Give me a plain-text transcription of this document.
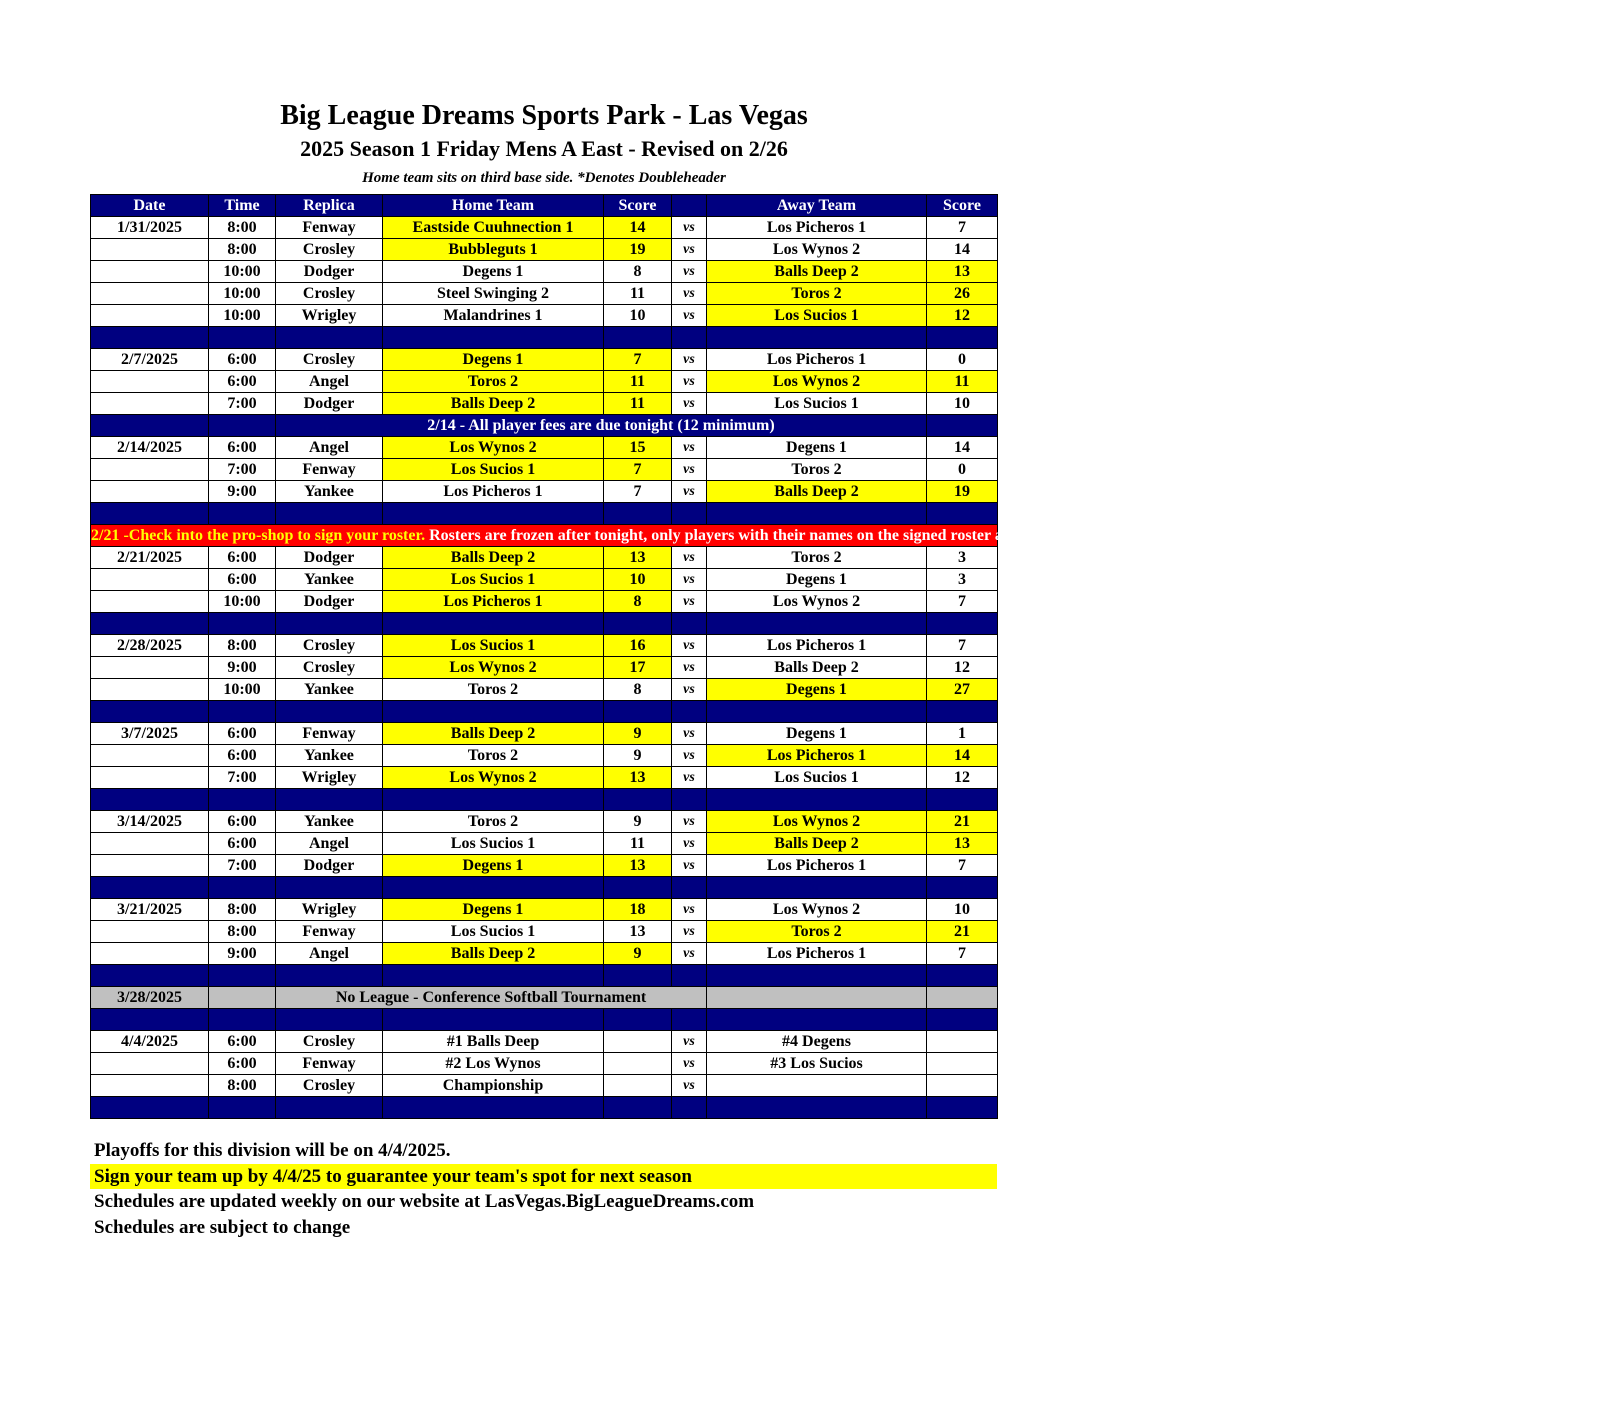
Big League Dreams Sports Park - Las Vegas
2025 Season 1 Friday Mens A East - Revised on 2/26
Home team sits on third base side. *Denotes Doubleheader
Date	Time	Replica	Home Team	Score		Away Team	Score
1/31/2025	8:00	Fenway	Eastside Cuuhnection 1	14	vs	Los Picheros 1	7
	8:00	Crosley	Bubbleguts 1	19	vs	Los Wynos 2	14
	10:00	Dodger	Degens 1	8	vs	Balls Deep 2	13
	10:00	Crosley	Steel Swinging 2	11	vs	Toros 2	26
	10:00	Wrigley	Malandrines 1	10	vs	Los Sucios 1	12

2/7/2025	6:00	Crosley	Degens 1	7	vs	Los Picheros 1	0
	6:00	Angel	Toros 2	11	vs	Los Wynos 2	11
	7:00	Dodger	Balls Deep 2	11	vs	Los Sucios 1	10
		2/14 - All player fees are due tonight (12 minimum)					
2/14/2025	6:00	Angel	Los Wynos 2	15	vs	Degens 1	14
	7:00	Fenway	Los Sucios 1	7	vs	Toros 2	0
	9:00	Yankee	Los Picheros 1	7	vs	Balls Deep 2	19

2/21 -Check into the pro-shop to sign your roster. Rosters are frozen after tonight, only players with their names on the signed roster are eligible for playoffs. Please check carefully as changes will not be made for omissions.							
2/21/2025	6:00	Dodger	Balls Deep 2	13	vs	Toros 2	3
	6:00	Yankee	Los Sucios 1	10	vs	Degens 1	3
	10:00	Dodger	Los Picheros 1	8	vs	Los Wynos 2	7

2/28/2025	8:00	Crosley	Los Sucios 1	16	vs	Los Picheros 1	7
	9:00	Crosley	Los Wynos 2	17	vs	Balls Deep 2	12
	10:00	Yankee	Toros 2	8	vs	Degens 1	27

3/7/2025	6:00	Fenway	Balls Deep 2	9	vs	Degens 1	1
	6:00	Yankee	Toros 2	9	vs	Los Picheros 1	14
	7:00	Wrigley	Los Wynos 2	13	vs	Los Sucios 1	12

3/14/2025	6:00	Yankee	Toros 2	9	vs	Los Wynos 2	21
	6:00	Angel	Los Sucios 1	11	vs	Balls Deep 2	13
	7:00	Dodger	Degens 1	13	vs	Los Picheros 1	7

3/21/2025	8:00	Wrigley	Degens 1	18	vs	Los Wynos 2	10
	8:00	Fenway	Los Sucios 1	13	vs	Toros 2	21
	9:00	Angel	Balls Deep 2	9	vs	Los Picheros 1	7

3/28/2025		No League - Conference Softball Tournament					

4/4/2025	6:00	Crosley	#1 Balls Deep		vs	#4 Degens	
	6:00	Fenway	#2 Los Wynos		vs	#3 Los Sucios	
	8:00	Crosley	Championship		vs		

Playoffs for this division will be on 4/4/2025.
Sign your team up by 4/4/25 to guarantee your team's spot for next season
Schedules are updated weekly on our website at LasVegas.BigLeagueDreams.com
Schedules are subject to change
